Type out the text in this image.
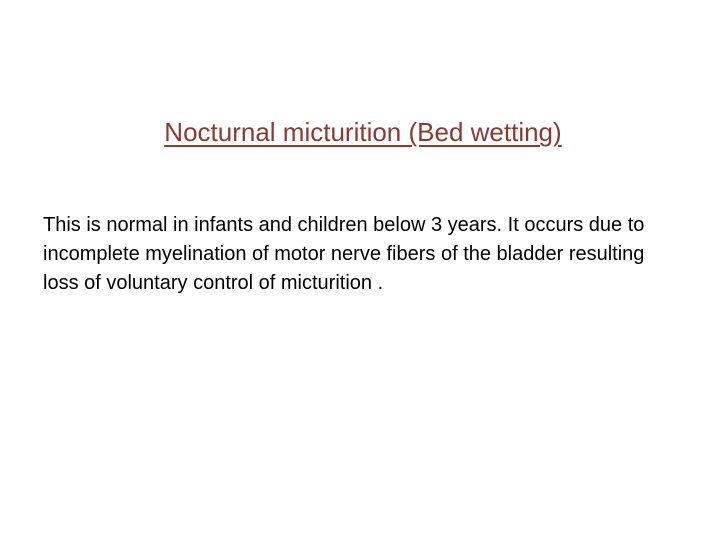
Nocturnal micturition (Bed wetting)

This is normal in infants and children below 3 years. It occurs due to incomplete myelination of motor nerve fibers of the bladder resulting loss of voluntary control of micturition .
